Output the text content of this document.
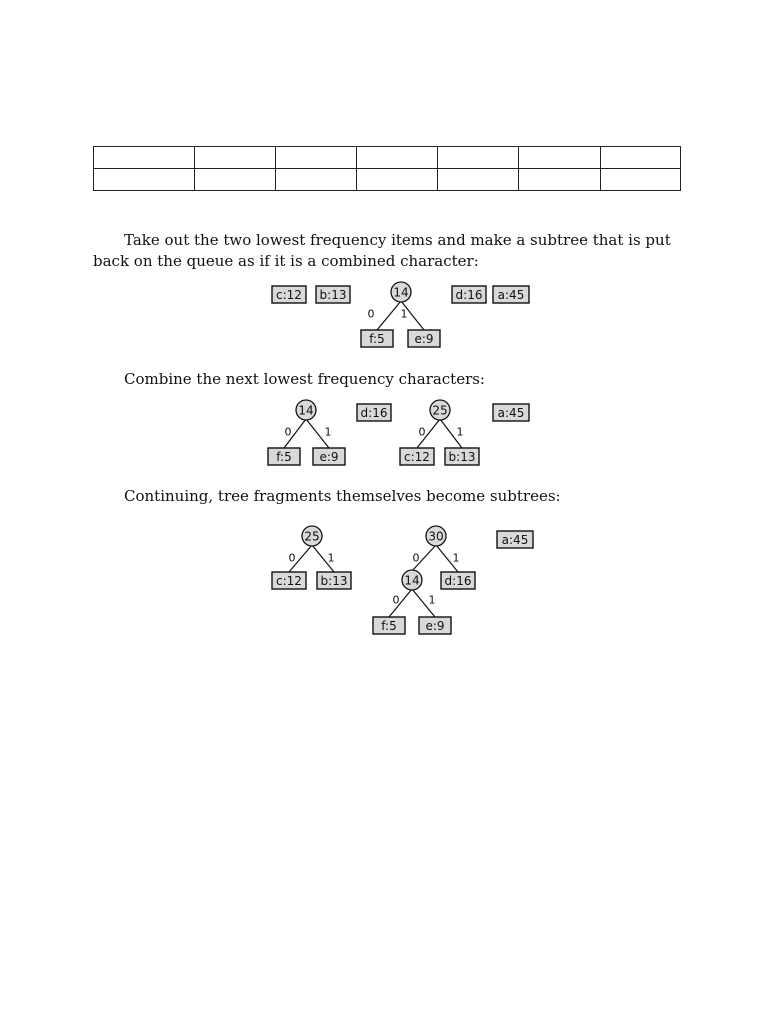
Take out the two lowest frequency items and make a subtree that is put back on the queue as if it is a combined character:

0 1
c:12 b:13	d:16 a:45
f:5 e:9
14

Combine the next lowest frequency characters:

0	1	0	1
f:5 e:9
d:16
c:12 b:13
a:45
14	25

Continuing, tree fragments themselves become subtrees:

0	1	0	1
0	1
c:12 b:13	d:16
a:45
f:5 e:9
25	30
14
